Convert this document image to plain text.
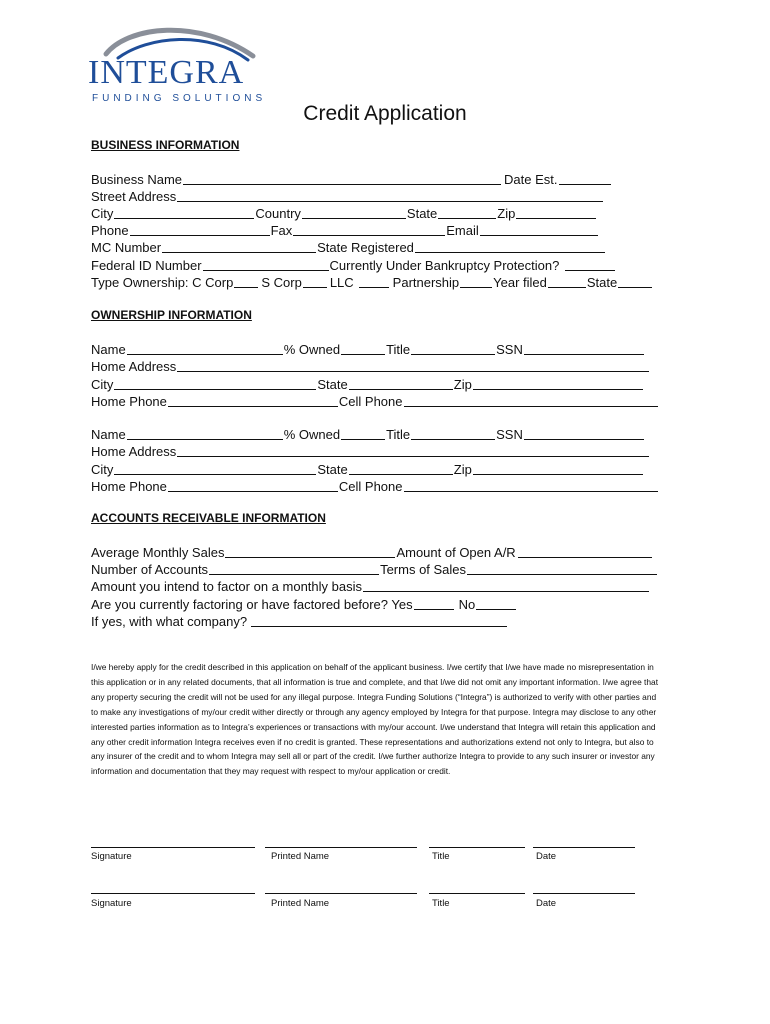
INTEGRA
FUNDING SOLUTIONS
Credit Application
BUSINESS INFORMATION
Business Name	Date Est.
Street Address
City	Country	State	Zip
Phone	Fax	Email
MC Number	State Registered
Federal ID Number	Currently Under Bankruptcy Protection?
Type Ownership: C Corp S Corp LLC	Partnership	Year filed	State
OWNERSHIP INFORMATION
Name	% Owned	Title	SSN
Home Address
City	State	Zip
Home Phone	Cell Phone
Name	% Owned	Title	SSN
Home Address
City	State	Zip
Home Phone	Cell Phone
ACCOUNTS RECEIVABLE INFORMATION
Average Monthly Sales	Amount of Open A/R
Number of Accounts	Terms of Sales
Amount you intend to factor on a monthly basis
Are you currently factoring or have factored before? Yes	No
If yes, with what company?
I/we hereby apply for the credit described in this application on behalf of the applicant business. I/we certify that I/we have made no misrepresentation in this application or in any related documents, that all information is true and complete, and that I/we did not omit any important information. I/we agree that any property securing the credit will not be used for any illegal purpose. Integra Funding Solutions (“Integra”) is authorized to verify with other parties and to make any investigations of my/our credit wither directly or through any agency employed by Integra for that purpose. Integra may disclose to any other interested parties information as to Integra’s experiences or transactions with my/our account. I/we understand that Integra will retain this application and any other credit information Integra receives even if no credit is granted. These representations and authorizations extend not only to Integra, but also to any insurer of the credit and to whom Integra may sell all or part of the credit. I/we further authorize Integra to provide to any such insurer or investor any information and documentation that they may request with respect to my/our application or credit.
Signature	Printed Name	Title	Date
Signature	Printed Name	Title	Date
